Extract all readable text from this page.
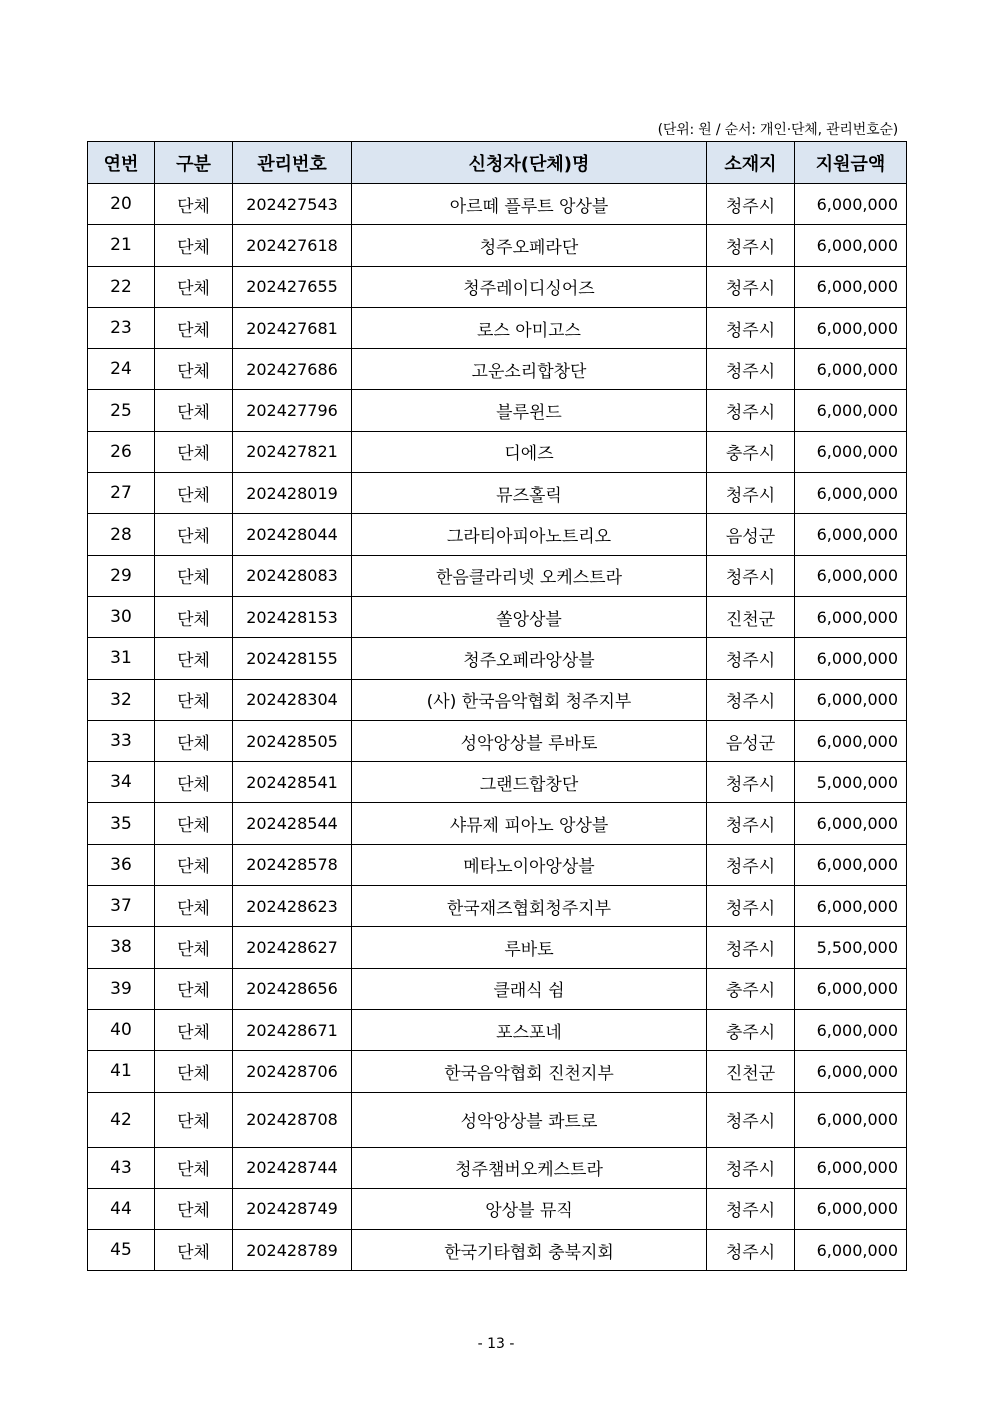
(단위: 원 / 순서: 개인·단체, 관리번호순)
연번	구분	관리번호	신청자(단체)명	소재지	지원금액
20	단체	202427543	아르떼 플루트 앙상블	청주시	6,000,000
21	단체	202427618	청주오페라단	청주시	6,000,000
22	단체	202427655	청주레이디싱어즈	청주시	6,000,000
23	단체	202427681	로스 아미고스	청주시	6,000,000
24	단체	202427686	고운소리합창단	청주시	6,000,000
25	단체	202427796	블루윈드	청주시	6,000,000
26	단체	202427821	디에즈	충주시	6,000,000
27	단체	202428019	뮤즈홀릭	청주시	6,000,000
28	단체	202428044	그라티아피아노트리오	음성군	6,000,000
29	단체	202428083	한음클라리넷 오케스트라	청주시	6,000,000
30	단체	202428153	쏠앙상블	진천군	6,000,000
31	단체	202428155	청주오페라앙상블	청주시	6,000,000
32	단체	202428304	(사) 한국음악협회 청주지부	청주시	6,000,000
33	단체	202428505	성악앙상블 루바토	음성군	6,000,000
34	단체	202428541	그랜드합창단	청주시	5,000,000
35	단체	202428544	샤뮤제 피아노 앙상블	청주시	6,000,000
36	단체	202428578	메타노이아앙상블	청주시	6,000,000
37	단체	202428623	한국재즈협회청주지부	청주시	6,000,000
38	단체	202428627	루바토	청주시	5,500,000
39	단체	202428656	클래식 쉼	충주시	6,000,000
40	단체	202428671	포스포네	충주시	6,000,000
41	단체	202428706	한국음악협회 진천지부	진천군	6,000,000
42	단체	202428708	성악앙상블 콰트로	청주시	6,000,000
43	단체	202428744	청주챔버오케스트라	청주시	6,000,000
44	단체	202428749	앙상블 뮤직	청주시	6,000,000
45	단체	202428789	한국기타협회 충북지회	청주시	6,000,000
- 13 -
